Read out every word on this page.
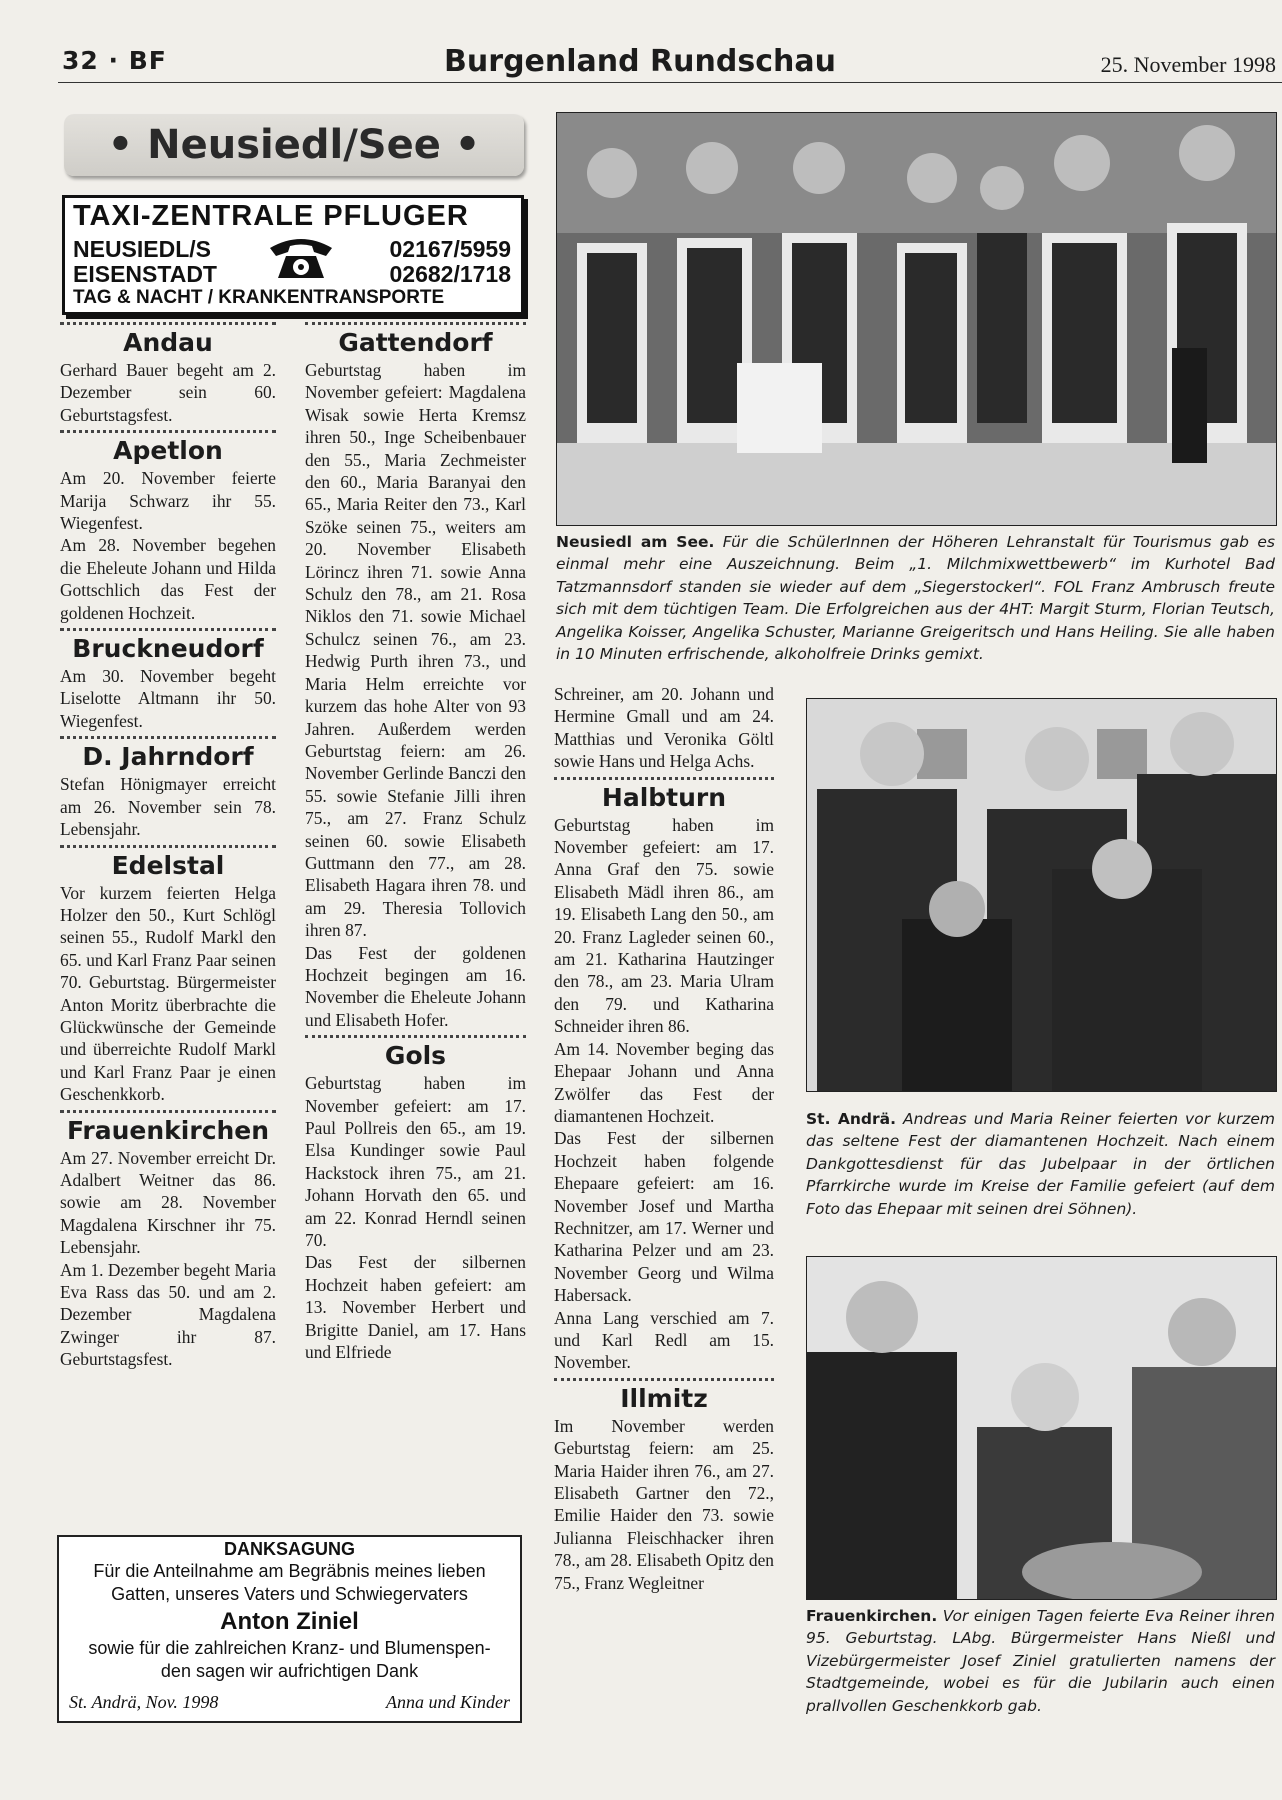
32 · BF	Burgenland Rundschau	25. November 1998
• Neusiedl/See •
TAXI-ZENTRALE PFLUGER
NEUSIEDL/S	02167/5959
EISENSTADT	02682/1718
TAG & NACHT / KRANKENTRANSPORTE
Andau

Gerhard Bauer begeht am 2. Dezember sein 60. Geburtstagsfest.

Apetlon

Am 20. November feierte Marija Schwarz ihr 55. Wiegenfest.

Am 28. November begehen die Eheleute Johann und Hilda Gottschlich das Fest der goldenen Hochzeit.

Bruckneudorf

Am 30. November begeht Liselotte Altmann ihr 50. Wiegenfest.

D. Jahrndorf

Stefan Hönigmayer erreicht am 26. November sein 78. Lebensjahr.

Edelstal

Vor kurzem feierten Helga Holzer den 50., Kurt Schlögl seinen 55., Rudolf Markl den 65. und Karl Franz Paar seinen 70. Geburtstag. Bürgermeister Anton Moritz überbrachte die Glückwünsche der Gemeinde und überreichte Rudolf Markl und Karl Franz Paar je einen Geschenkkorb.

Frauenkirchen

Am 27. November erreicht Dr. Adalbert Weitner das 86. sowie am 28. November Magdalena Kirschner ihr 75. Lebensjahr.

Am 1. Dezember begeht Maria Eva Rass das 50. und am 2. Dezember Magdalena Zwinger ihr 87. Geburtstagsfest.

Gattendorf

Geburtstag haben im November gefeiert: Magdalena Wisak sowie Herta Kremsz ihren 50., Inge Scheibenbauer den 55., Maria Zechmeister den 60., Maria Baranyai den 65., Maria Reiter den 73., Karl Szöke seinen 75., weiters am 20. November Elisabeth Lörincz ihren 71. sowie Anna Schulz den 78., am 21. Rosa Niklos den 71. sowie Michael Schulcz seinen 76., am 23. Hedwig Purth ihren 73., und Maria Helm erreichte vor kurzem das hohe Alter von 93 Jahren. Außerdem werden Geburtstag feiern: am 26. November Gerlinde Banczi den 55. sowie Stefanie Jilli ihren 75., am 27. Franz Schulz seinen 60. sowie Elisabeth Guttmann den 77., am 28. Elisabeth Hagara ihren 78. und am 29. Theresia Tollovich ihren 87.

Das Fest der goldenen Hochzeit begingen am 16. November die Eheleute Johann und Elisabeth Hofer.

Gols

Geburtstag haben im November gefeiert: am 17. Paul Pollreis den 65., am 19. Elsa Kundinger sowie Paul Hackstock ihren 75., am 21. Johann Horvath den 65. und am 22. Konrad Herndl seinen 70.

Das Fest der silbernen Hochzeit haben gefeiert: am 13. November Herbert und Brigitte Daniel, am 17. Hans und Elfriede

Schreiner, am 20. Johann und Hermine Gmall und am 24. Matthias und Veronika Göltl sowie Hans und Helga Achs.

Halbturn

Geburtstag haben im November gefeiert: am 17. Anna Graf den 75. sowie Elisabeth Mädl ihren 86., am 19. Elisabeth Lang den 50., am 20. Franz Lagleder seinen 60., am 21. Katharina Hautzinger den 78., am 23. Maria Ulram den 79. und Katharina Schneider ihren 86.

Am 14. November beging das Ehepaar Johann und Anna Zwölfer das Fest der diamantenen Hochzeit.

Das Fest der silbernen Hochzeit haben folgende Ehepaare gefeiert: am 16. November Josef und Martha Rechnitzer, am 17. Werner und Katharina Pelzer und am 23. November Georg und Wilma Habersack.

Anna Lang verschied am 7. und Karl Redl am 15. November.

Illmitz

Im November werden Geburtstag feiern: am 25. Maria Haider ihren 76., am 27. Elisabeth Gartner den 72., Emilie Haider den 73. sowie Julianna Fleischhacker ihren 78., am 28. Elisabeth Opitz den 75., Franz Wegleitner

Neusiedl am See. Für die SchülerInnen der Höheren Lehranstalt für Tourismus gab es einmal mehr eine Auszeichnung. Beim „1. Milchmixwettbewerb“ im Kurhotel Bad Tatzmannsdorf standen sie wieder auf dem „Siegerstockerl“. FOL Franz Ambrusch freute sich mit dem tüchtigen Team. Die Erfolgreichen aus der 4HT: Margit Sturm, Florian Teutsch, Angelika Koisser, Angelika Schuster, Marianne Greigeritsch und Hans Heiling. Sie alle haben in 10 Minuten erfrischende, alkoholfreie Drinks gemixt.
St. Andrä. Andreas und Maria Reiner feierten vor kurzem das seltene Fest der diamantenen Hochzeit. Nach einem Dankgottesdienst für das Jubelpaar in der örtlichen Pfarrkirche wurde im Kreise der Familie gefeiert (auf dem Foto das Ehepaar mit seinen drei Söhnen).
Frauenkirchen. Vor einigen Tagen feierte Eva Reiner ihren 95. Geburtstag. LAbg. Bürgermeister Hans Nießl und Vizebürgermeister Josef Ziniel gratulierten namens der Stadtgemeinde, wobei es für die Jubilarin auch einen prallvollen Geschenkkorb gab.
DANKSAGUNG
Für die Anteilnahme am Begräbnis meines lieben
Gatten, unseres Vaters und Schwiegervaters
Anton Ziniel
sowie für die zahlreichen Kranz- und Blumenspen-
den sagen wir aufrichtigen Dank
St. Andrä, Nov. 1998	Anna und Kinder
